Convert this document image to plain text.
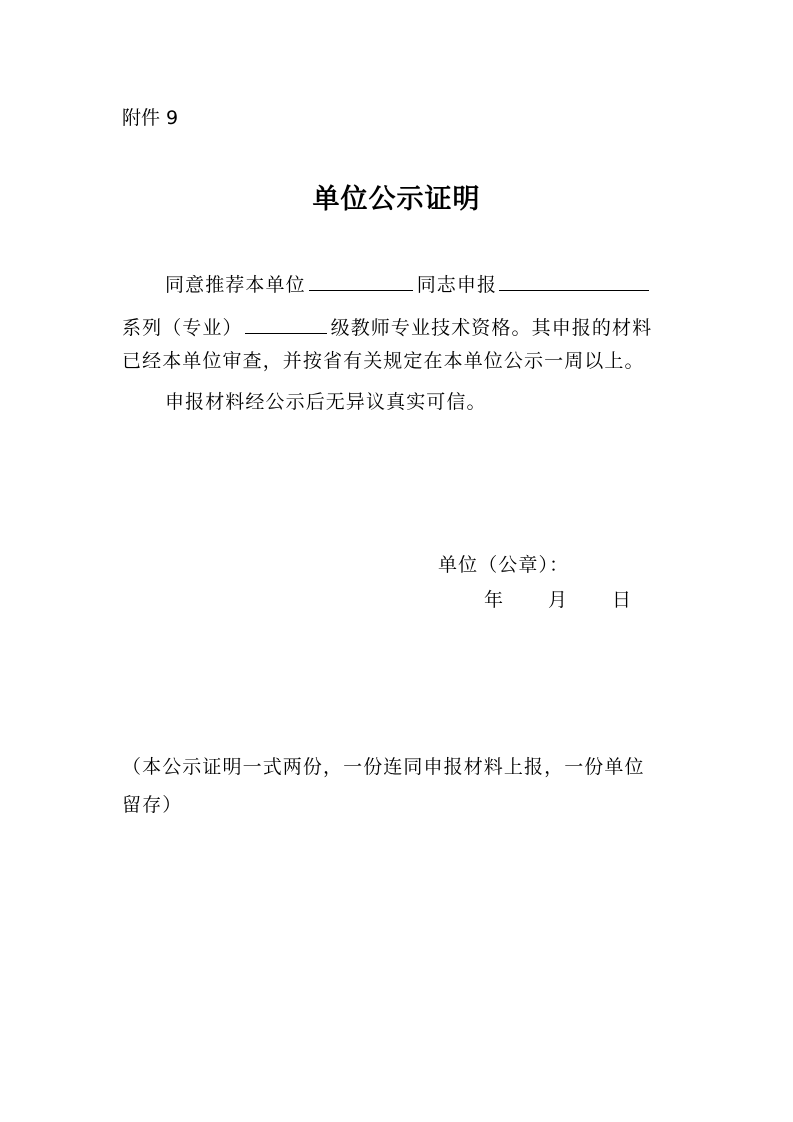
附件 9
单位公示证明
同意推荐本单位	同志申报
系列（专业）	级教师专业技术资格。其申报的材料
已经本单位审查，并按省有关规定在本单位公示一周以上。
申报材料经公示后无异议真实可信。
单位（公章）：
年 月 日
（本公示证明一式两份，一份连同申报材料上报，一份单位
留存）
